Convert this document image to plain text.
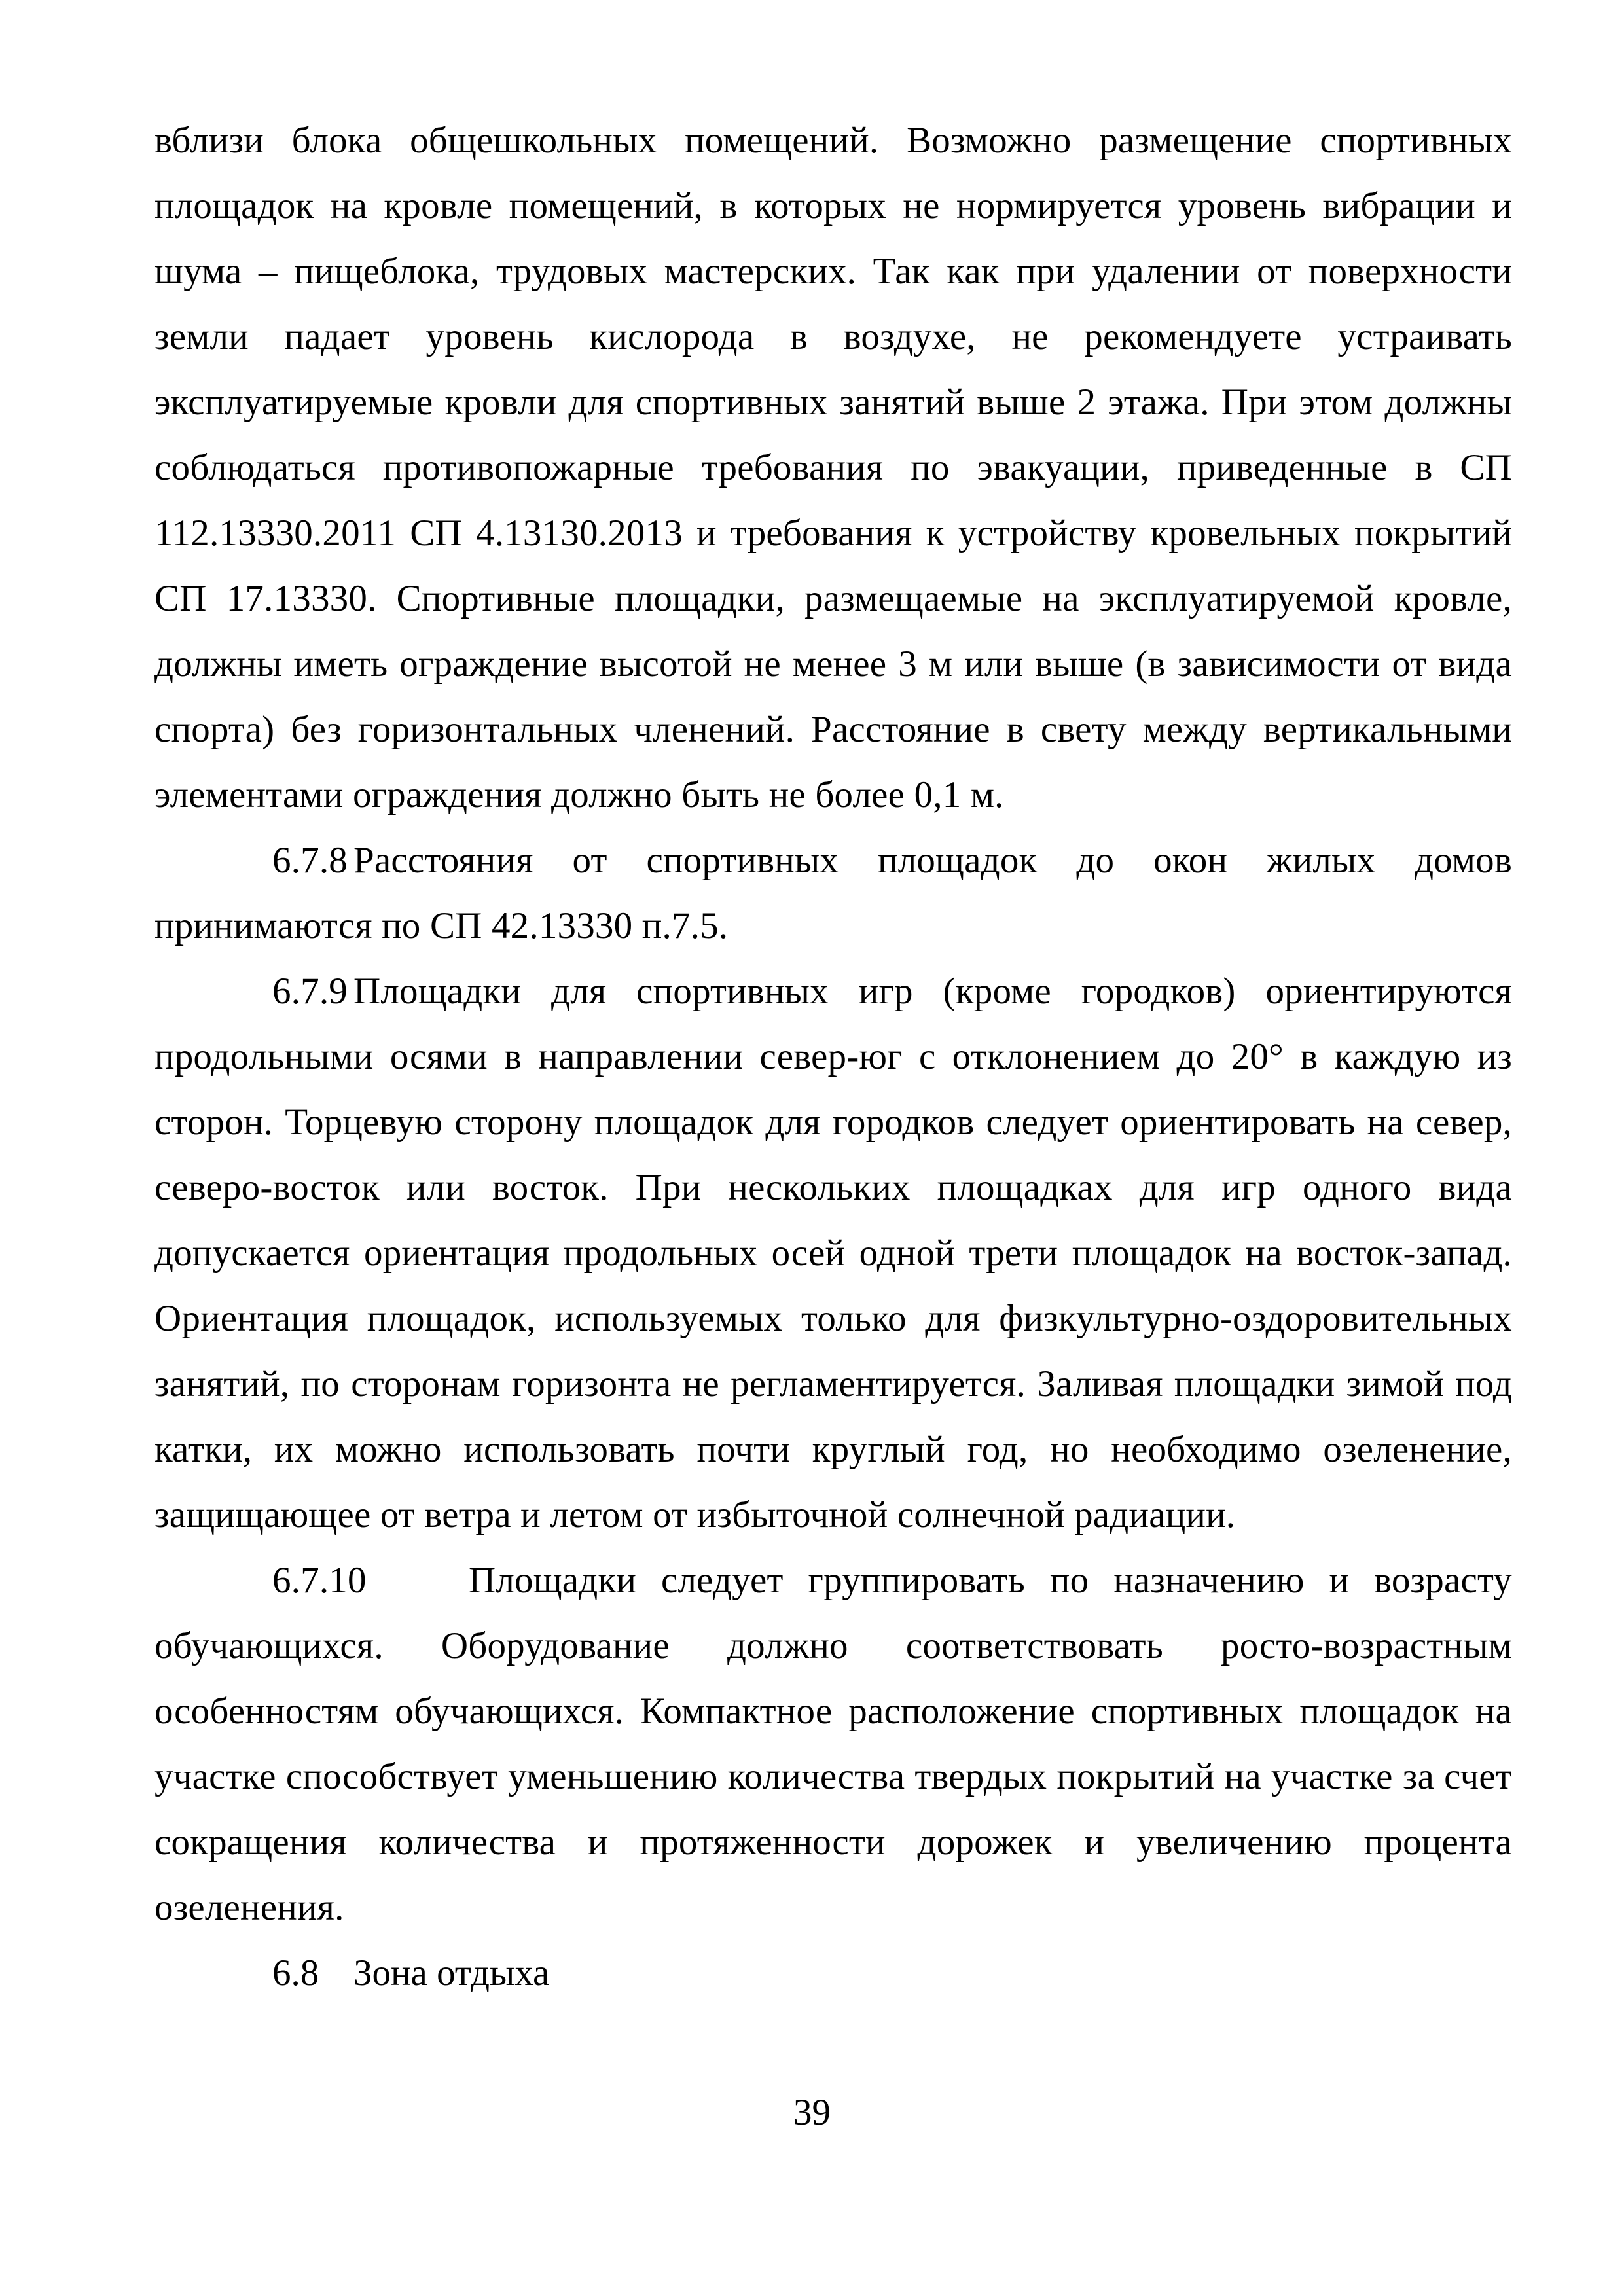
вблизи блока общешкольных помещений. Возможно размещение спортивных площадок на кровле помещений, в которых не нормируется уровень вибрации и шума – пищеблока, трудовых мастерских. Так как при удалении от поверхности земли падает уровень кислорода в воздухе, не рекомендуете устраивать эксплуатируемые кровли для спортивных занятий выше 2 этажа. При этом должны соблюдаться противопожарные требования по эвакуации, приведенные в СП 112.13330.2011 СП 4.13130.2013 и требования к устройству кровельных покрытий СП 17.13330. Спортивные площадки, размещаемые на эксплуатируемой кровле, должны иметь ограждение высотой не менее 3 м или выше (в зависимости от вида спорта) без горизонтальных членений. Расстояние в свету между вертикальными элементами ограждения должно быть не более 0,1 м.

6.7.8 Расстояния от спортивных площадок до окон жилых домов принимаются по СП 42.13330 п.7.5.

6.7.9 Площадки для спортивных игр (кроме городков) ориентируются продольными осями в направлении север-юг с отклонением до 20° в каждую из сторон. Торцевую сторону площадок для городков следует ориентировать на север, северо-восток или восток. При нескольких площадках для игр одного вида допускается ориентация продольных осей одной трети площадок на восток-запад. Ориентация площадок, используемых только для физкультурно-оздоровительных занятий, по сторонам горизонта не регламентируется. Заливая площадки зимой под катки, их можно использовать почти круглый год, но необходимо озеленение, защищающее от ветра и летом от избыточной солнечной радиации.

6.7.10	Площадки следует группировать по назначению и возрасту обучающихся. Оборудование должно соответствовать росто-возрастным особенностям обучающихся. Компактное расположение спортивных площадок на участке способствует уменьшению количества твердых покрытий на участке за счет сокращения количества и протяженности дорожек и увеличению процента озеленения.

6.8 Зона отдыха

39
